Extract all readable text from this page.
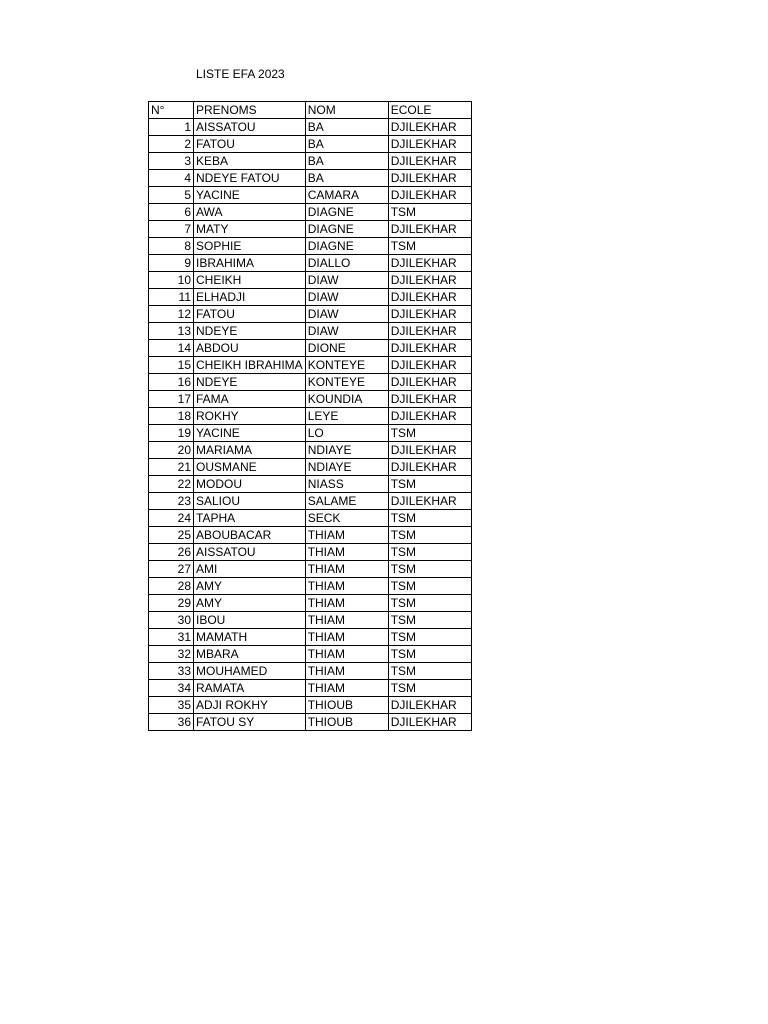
LISTE EFA 2023
N°	PRENOMS	NOM	ECOLE
1	AISSATOU	BA	DJILEKHAR
2	FATOU	BA	DJILEKHAR
3	KEBA	BA	DJILEKHAR
4	NDEYE FATOU	BA	DJILEKHAR
5	YACINE	CAMARA	DJILEKHAR
6	AWA	DIAGNE	TSM
7	MATY	DIAGNE	DJILEKHAR
8	SOPHIE	DIAGNE	TSM
9	IBRAHIMA	DIALLO	DJILEKHAR
10	CHEIKH	DIAW	DJILEKHAR
11	ELHADJI	DIAW	DJILEKHAR
12	FATOU	DIAW	DJILEKHAR
13	NDEYE	DIAW	DJILEKHAR
14	ABDOU	DIONE	DJILEKHAR
15	CHEIKH IBRAHIMA	KONTEYE	DJILEKHAR
16	NDEYE	KONTEYE	DJILEKHAR
17	FAMA	KOUNDIA	DJILEKHAR
18	ROKHY	LEYE	DJILEKHAR
19	YACINE	LO	TSM
20	MARIAMA	NDIAYE	DJILEKHAR
21	OUSMANE	NDIAYE	DJILEKHAR
22	MODOU	NIASS	TSM
23	SALIOU	SALAME	DJILEKHAR
24	TAPHA	SECK	TSM
25	ABOUBACAR	THIAM	TSM
26	AISSATOU	THIAM	TSM
27	AMI	THIAM	TSM
28	AMY	THIAM	TSM
29	AMY	THIAM	TSM
30	IBOU	THIAM	TSM
31	MAMATH	THIAM	TSM
32	MBARA	THIAM	TSM
33	MOUHAMED	THIAM	TSM
34	RAMATA	THIAM	TSM
35	ADJI ROKHY	THIOUB	DJILEKHAR
36	FATOU SY	THIOUB	DJILEKHAR
